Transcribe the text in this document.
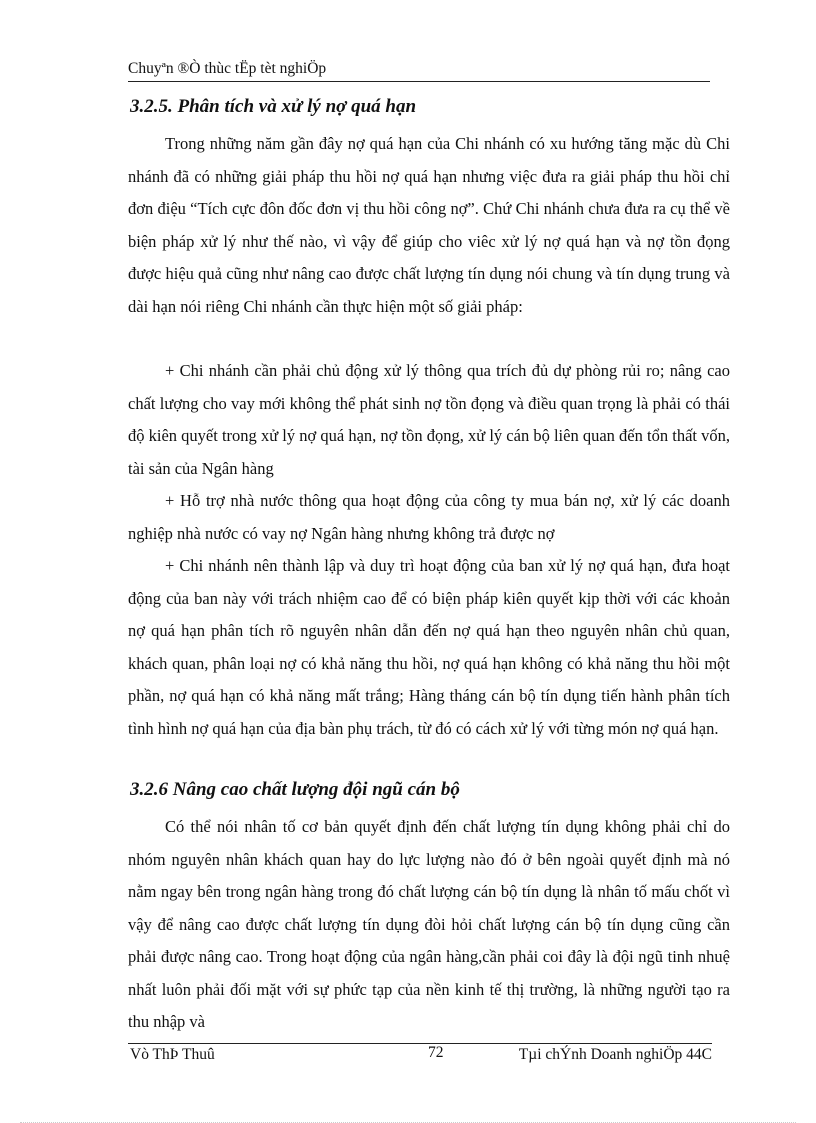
Chuyªn ®Ò thùc tËp tèt nghiÖp
3.2.5. Phân tích và xử lý nợ quá hạn

Trong những năm gần đây nợ quá hạn của Chi nhánh có xu hướng tăng mặc dù Chi nhánh đã có những giải pháp thu hồi nợ quá hạn nhưng việc đưa ra giải pháp thu hồi chỉ đơn điệu “Tích cực đôn đốc đơn vị thu hồi công nợ”. Chứ Chi nhánh chưa đưa ra cụ thể về biện pháp xử lý như thế nào, vì vậy để giúp cho viêc xử lý nợ quá hạn và nợ tồn đọng được hiệu quả cũng như nâng cao được chất lượng tín dụng nói chung và tín dụng trung và dài hạn nói riêng Chi nhánh cần thực hiện một số giải pháp:

+ Chi nhánh cần phải chủ động xử lý thông qua trích đủ dự phòng rủi ro; nâng cao chất lượng cho vay mới không thể phát sinh nợ tồn đọng và điều quan trọng là phải có thái độ kiên quyết trong xử lý nợ quá hạn, nợ tồn đọng, xử lý cán bộ liên quan đến tổn thất vốn, tài sản của Ngân hàng

+ Hỗ trợ nhà nước thông qua hoạt động của công ty mua bán nợ, xử lý các doanh nghiệp nhà nước có vay nợ Ngân hàng nhưng không trả được nợ

+ Chi nhánh nên thành lập và duy trì hoạt động của ban xử lý nợ quá hạn, đưa hoạt động của ban này với trách nhiệm cao để có biện pháp kiên quyết kịp thời với các khoản nợ quá hạn phân tích rõ nguyên nhân dẫn đến nợ quá hạn theo nguyên nhân chủ quan, khách quan, phân loại nợ có khả năng thu hồi, nợ quá hạn không có khả năng thu hồi một phần, nợ quá hạn có khả năng mất trắng; Hàng tháng cán bộ tín dụng tiến hành phân tích tình hình nợ quá hạn của địa bàn phụ trách, từ đó có cách xử lý với từng món nợ quá hạn.

3.2.6 Nâng cao chất lượng đội ngũ cán bộ

Có thể nói nhân tố cơ bản quyết định đến chất lượng tín dụng không phải chỉ do nhóm nguyên nhân khách quan hay do lực lượng nào đó ở bên ngoài quyết định mà nó nằm ngay bên trong ngân hàng trong đó chất lượng cán bộ tín dụng là nhân tố mấu chốt vì vậy để nâng cao được chất lượng tín dụng đòi hỏi chất lượng cán bộ tín dụng cũng cần phải được nâng cao. Trong hoạt động của ngân hàng,cần phải coi đây là đội ngũ tinh nhuệ nhất luôn phải đối mặt với sự phức tạp của nền kinh tế thị trường, là những người tạo ra thu nhập và

Vò ThÞ Thuû	72	Tµi chÝnh Doanh nghiÖp 44C
